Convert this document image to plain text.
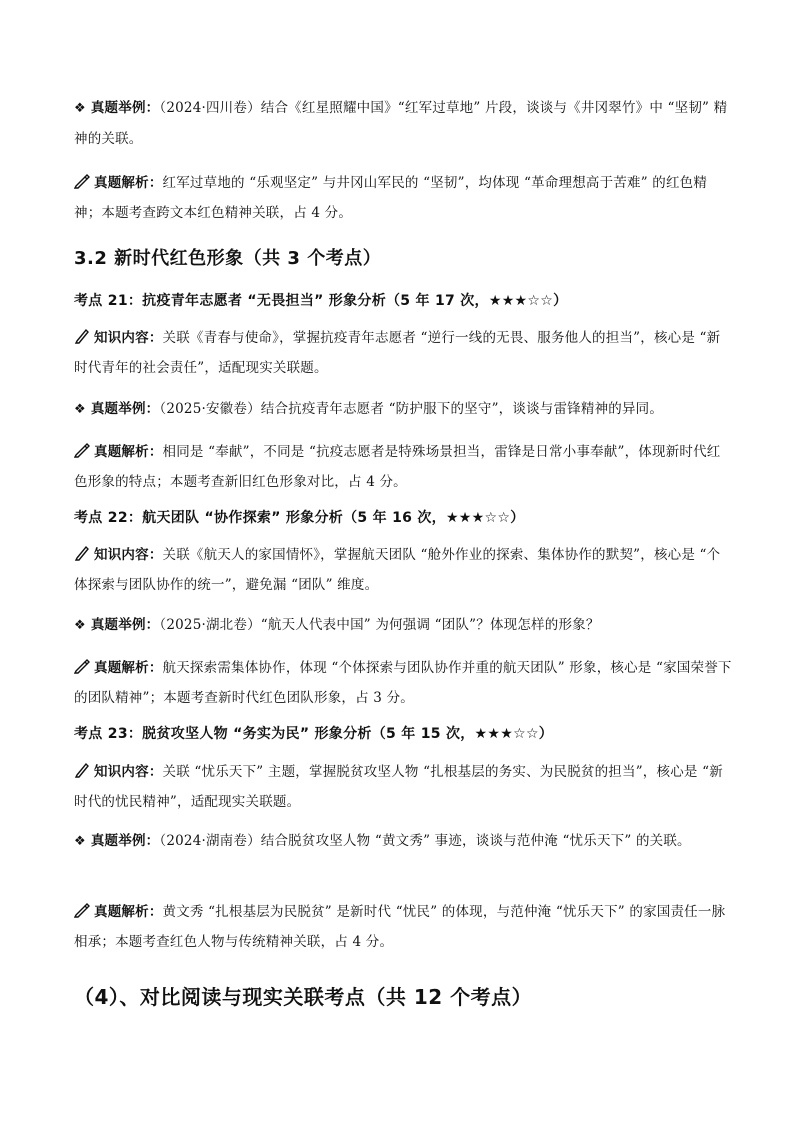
❖ 真题举例：（2024·四川卷）结合《红星照耀中国》“红军过草地” 片段，谈谈与《井冈翠竹》中 “坚韧” 精神的关联。
真题解析：红军过草地的 “乐观坚定” 与井冈山军民的 “坚韧”，均体现 “革命理想高于苦难” 的红色精神；本题考查跨文本红色精神关联，占 4 分。
3.2 新时代红色形象（共 3 个考点）
考点 21：抗疫青年志愿者 “无畏担当” 形象分析（5 年 17 次，★★★☆☆）
知识内容：关联《青春与使命》，掌握抗疫青年志愿者 “逆行一线的无畏、服务他人的担当”，核心是 “新时代青年的社会责任”，适配现实关联题。
❖ 真题举例：（2025·安徽卷）结合抗疫青年志愿者 “防护服下的坚守”，谈谈与雷锋精神的异同。
真题解析：相同是 “奉献”，不同是 “抗疫志愿者是特殊场景担当，雷锋是日常小事奉献”，体现新时代红色形象的特点；本题考查新旧红色形象对比，占 4 分。
考点 22：航天团队 “协作探索” 形象分析（5 年 16 次，★★★☆☆）
知识内容：关联《航天人的家国情怀》，掌握航天团队 “舱外作业的探索、集体协作的默契”，核心是 “个体探索与团队协作的统一”，避免漏 “团队” 维度。
❖ 真题举例：（2025·湖北卷）“航天人代表中国” 为何强调 “团队”？体现怎样的形象？
真题解析：航天探索需集体协作，体现 “个体探索与团队协作并重的航天团队” 形象，核心是 “家国荣誉下的团队精神”；本题考查新时代红色团队形象，占 3 分。
考点 23：脱贫攻坚人物 “务实为民” 形象分析（5 年 15 次，★★★☆☆）
知识内容：关联 “忧乐天下” 主题，掌握脱贫攻坚人物 “扎根基层的务实、为民脱贫的担当”，核心是 “新时代的忧民精神”，适配现实关联题。
❖ 真题举例：（2024·湖南卷）结合脱贫攻坚人物 “黄文秀” 事迹，谈谈与范仲淹 “忧乐天下” 的关联。
真题解析：黄文秀 “扎根基层为民脱贫” 是新时代 “忧民” 的体现，与范仲淹 “忧乐天下” 的家国责任一脉相承；本题考查红色人物与传统精神关联，占 4 分。
（4）、对比阅读与现实关联考点（共 12 个考点）
